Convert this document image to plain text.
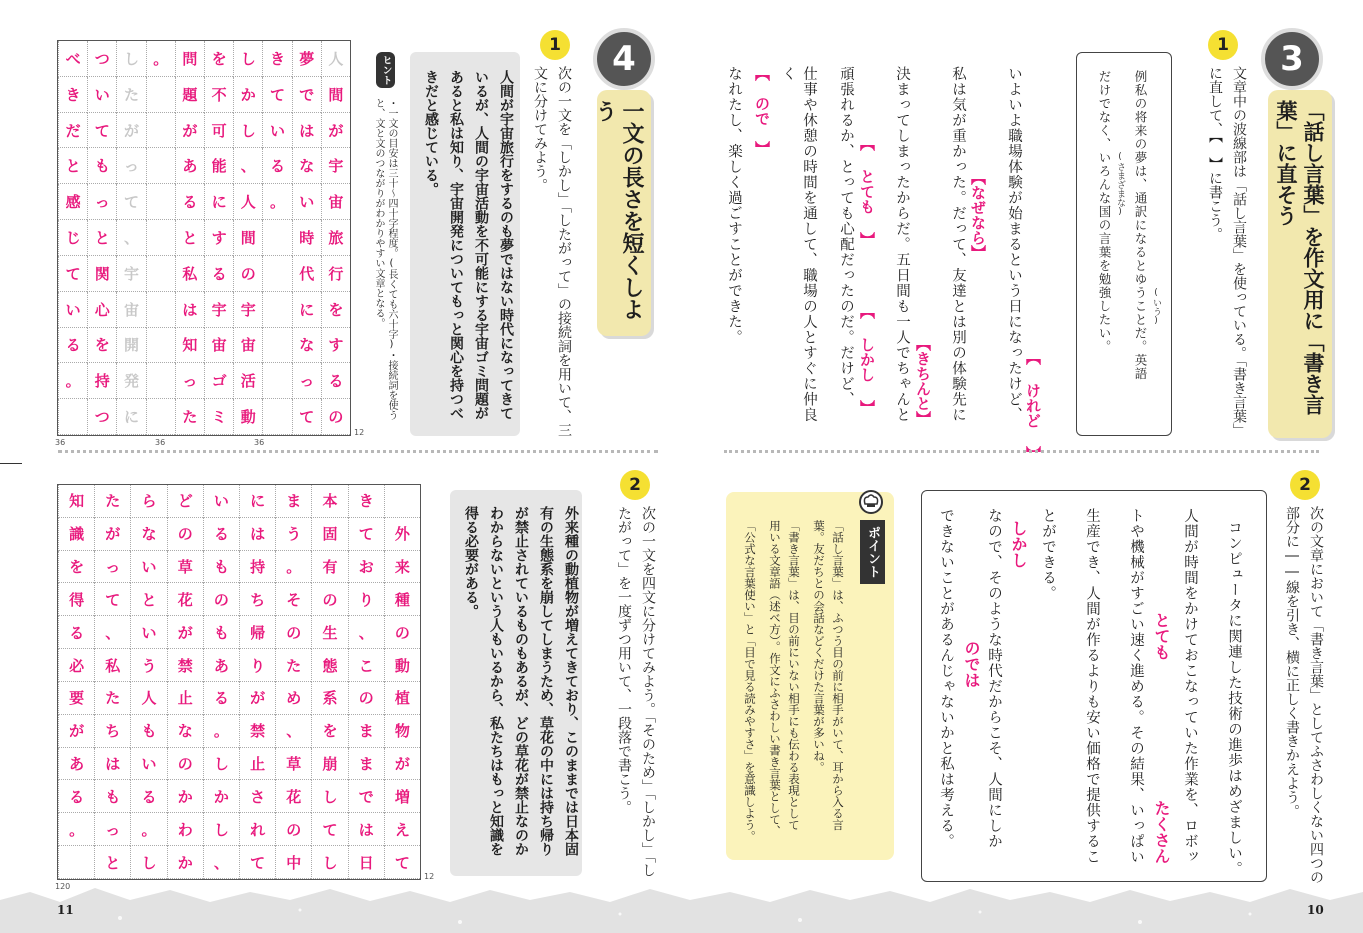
3
「話し言葉」を作文用に「書き言葉」に直そう
1
文章中の波線部は「話し言葉」を使っている。「書き言葉」に直して、【　】に書こう。
例私の将来の夢は、通訳になるとゆうことだ。英語 (いう)
だけでなく、いろんな国の言葉を勉強したい。 (さまざまな)
いよいよ職場体験が始まるという日になったけど、 【 けれど 】
【なぜなら】
私は気が重かった。だって、友達とは別の体験先に
【きちんと】
決まってしまったからだ。五日間も一人でちゃんと
【 とても 】
【 しかし 】
頑張れるか、とっても心配だったのだ。だけど、
仕事や休憩の時間を通して、職場の人とすぐに仲良く
【　ので　】
なれたし、楽しく過ごすことができた。
2
次の文章において「書き言葉」としてふさわしくない四つの部分に――線を引き、横に正しく書きかえよう。
コンピュータに関連した技術の進歩はめざましい。
人間が時間をかけておこなっていた作業を、ロボッ
たくさん
とても
トや機械がすごい速く進める。その結果、いっぱい
生産でき、人間が作るよりも安い価格で提供するこ
とができる。
しかし
のでは なので、そのような時代だからこそ、人間にしか
できないことがあるんじゃないかと私は考える。
ポイント
「話し言葉」は、ふつう目の前に相手がいて、耳から入る言
葉。友だちとの会話などくだけた言葉が多いね。
「書き言葉」は、目の前にいない相手にも伝わる表現として
用いる文章語（述べ方）。作文にふさわしい書き言葉として、
「公式な言葉使い」と「目で見る読みやすさ」を意識しよう。
4
一文の長さを短くしよう
1
次の一文を「しかし」「したがって」の接続詞を用いて、三文に分けてみよう。
人間が宇宙旅行をするのも夢ではない時代になってきているが、人間の宇宙活動を不可能にする宇宙ゴミ問題があると私は知り、宇宙開発についてもっと関心を持つべきだと感じている。
ヒント
・一文の目安は三十〜四十字程度。(長くても六十字)・接続詞を使うと、文と文のつながりがわかりやすい文章となる。
人
間
が
宇
宙
旅
行
を
す
る
の
夢
で
は
な
い
時
代
に
な
っ
て
き
て
い
る
。
し
か
し
、
人
間
の
宇
宙
活
動
を
不
可
能
に
す
る
宇
宙
ゴ
ミ
問
題
が
あ
る
と
私
は
知
っ
た
。
し
た
が
っ
て
、
宇
宙
開
発
に
つ
い
て
も
っ
と
関
心
を
持
つ
べ
き
だ
と
感
じ
て
い
る
。
12
36	36	36
2
次の一文を四文に分けてみよう。「そのため」「しかし」「したがって」を一度ずつ用いて、一段落で書こう。
外来種の動植物が増えてきており、このままでは日本固有の生態系を崩してしまうため、草花の中には持ち帰りが禁止されているものもあるが、どの草花が禁止なのかわからないという人もいるから、私たちはもっと知識を得る必要がある。
外
来
種
の
動
植
物
が
増
え
て
き
て
お
り
、
こ
の
ま
ま
で
は
日
本
固
有
の
生
態
系
を
崩
し
て
し
ま
う
。
そ
の
た
め
、
草
花
の
中
に
は
持
ち
帰
り
が
禁
止
さ
れ
て
い
る
も
の
も
あ
る
。
し
か
し
、
ど
の
草
花
が
禁
止
な
の
か
わ
か
ら
な
い
と
い
う
人
も
い
る
。
し
た
が
っ
て
、
私
た
ち
は
も
っ
と
知
識
を
得
る
必
要
が
あ
る
。
12
120
11	10
